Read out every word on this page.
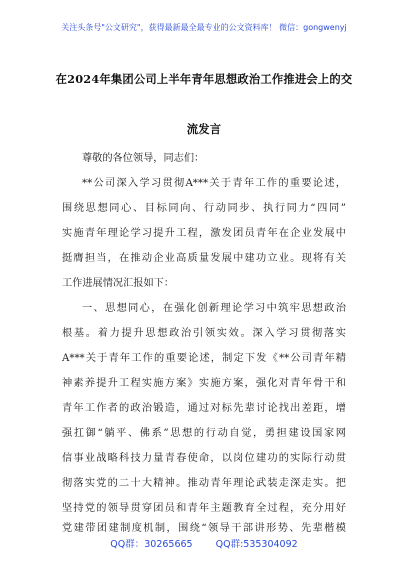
关注头条号"公文研究"，获得最新最全最专业的公文资料库！ 微信：gongwenyj
在2024年集团公司上半年青年思想政治工作推进会上的交
流发言
尊敬的各位领导，同志们：
**公司深入学习贯彻A***关于青年工作的重要论述，
围绕思想同心、目标同向、行动同步、执行同力“四同”
实施青年理论学习提升工程，激发团员青年在企业发展中
挺膺担当，在推动企业高质量发展中建功立业。现将有关
工作进展情况汇报如下：
一、思想同心，在强化创新理论学习中筑牢思想政治
根基。着力提升思想政治引领实效。深入学习贯彻落实
A***关于青年工作的重要论述，制定下发《**公司青年精
神素养提升工程实施方案》实施方案，强化对青年骨干和
青年工作者的政治锻造，通过对标先辈讨论找出差距，增
强扛御“躺平、佛系”思想的行动自觉，勇担建设国家网
信事业战略科技力量青春使命，以岗位建功的实际行动贯
彻落实党的二十大精神。推动青年理论武装走深走实。把
坚持党的领导贯穿团员和青年主题教育全过程，充分用好
党建带团建制度机制，围绕“领导干部讲形势、先辈楷模
QQ群：30265665 QQ群:535304092
